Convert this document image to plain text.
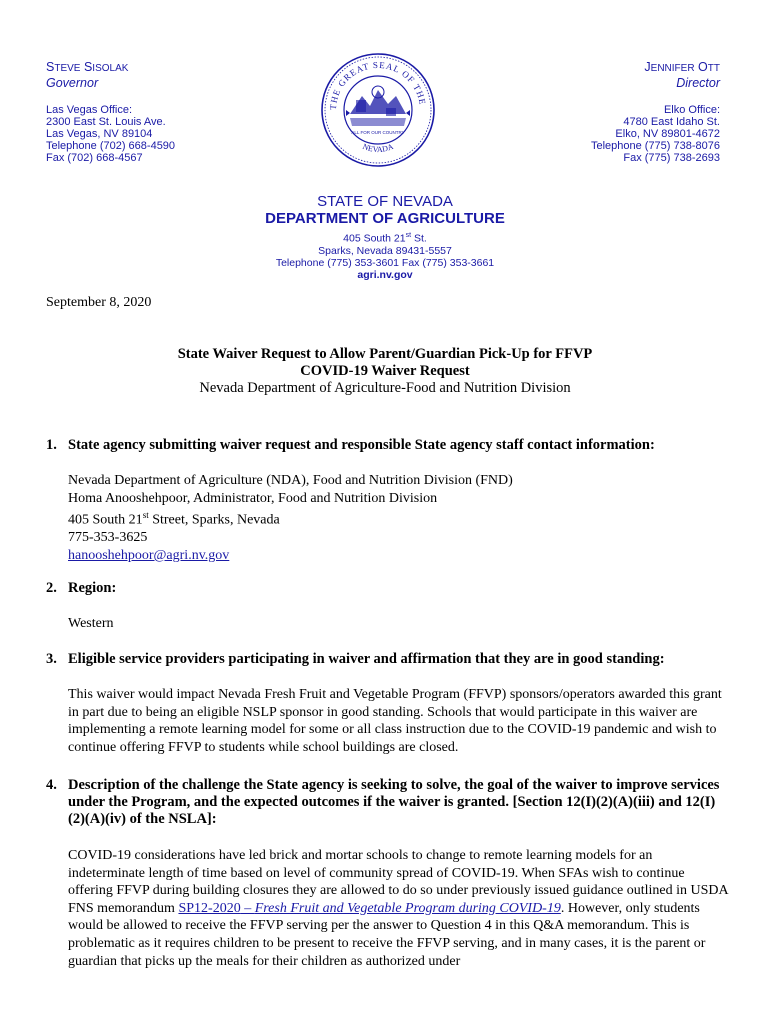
STEVE SISOLAK
Governor
Las Vegas Office:
2300 East St. Louis Ave.
Las Vegas, NV 89104
Telephone (702) 668-4590
Fax (702) 668-4567
THE GREAT SEAL OF THE
NEVADA
ALL FOR OUR COUNTRY
JENNIFER OTT
Director
Elko Office:
4780 East Idaho St.
Elko, NV 89801-4672
Telephone (775) 738-8076
Fax (775) 738-2693
STATE OF NEVADA
DEPARTMENT OF AGRICULTURE
405 South 21st St.
Sparks, Nevada 89431-5557
Telephone (775) 353-3601 Fax (775) 353-3661
agri.nv.gov
September 8, 2020
State Waiver Request to Allow Parent/Guardian Pick-Up for FFVP
COVID-19 Waiver Request
Nevada Department of Agriculture-Food and Nutrition Division
1. State agency submitting waiver request and responsible State agency staff contact information:
Nevada Department of Agriculture (NDA), Food and Nutrition Division (FND)
Homa Anooshehpoor, Administrator, Food and Nutrition Division
405 South 21st Street, Sparks, Nevada
775-353-3625
hanooshehpoor@agri.nv.gov
2. Region:
Western
3. Eligible service providers participating in waiver and affirmation that they are in good standing:
This waiver would impact Nevada Fresh Fruit and Vegetable Program (FFVP) sponsors/operators awarded this grant in part due to being an eligible NSLP sponsor in good standing. Schools that would participate in this waiver are implementing a remote learning model for some or all class instruction due to the COVID-19 pandemic and wish to continue offering FFVP to students while school buildings are closed.
4. Description of the challenge the State agency is seeking to solve, the goal of the waiver to improve services under the Program, and the expected outcomes if the waiver is granted. [Section 12(I)(2)(A)(iii) and 12(I)(2)(A)(iv) of the NSLA]:
COVID-19 considerations have led brick and mortar schools to change to remote learning models for an indeterminate length of time based on level of community spread of COVID-19. When SFAs wish to continue offering FFVP during building closures they are allowed to do so under previously issued guidance outlined in USDA FNS memorandum SP12-2020 – Fresh Fruit and Vegetable Program during COVID-19. However, only students would be allowed to receive the FFVP serving per the answer to Question 4 in this Q&A memorandum. This is problematic as it requires children to be present to receive the FFVP serving, and in many cases, it is the parent or guardian that picks up the meals for their children as authorized under
